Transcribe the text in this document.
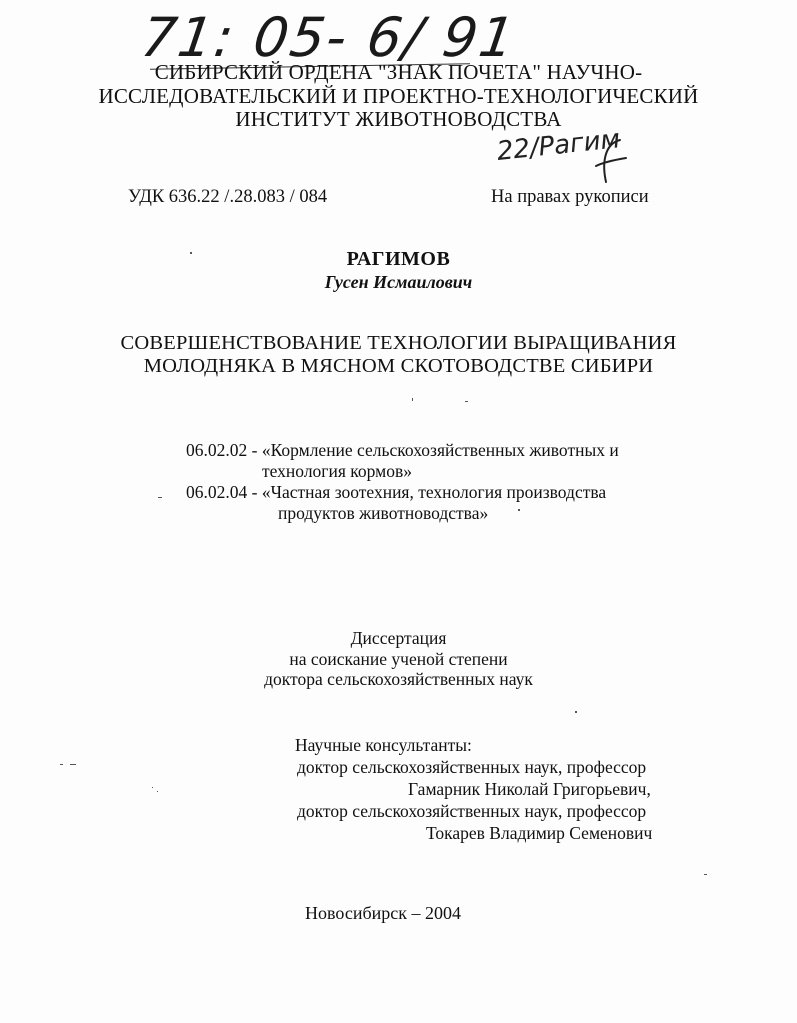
71: 05- 6/ 91
СИБИРСКИЙ ОРДЕНА "ЗНАК ПОЧЕТА" НАУЧНО-
ИССЛЕДОВАТЕЛЬСКИЙ И ПРОЕКТНО-ТЕХНОЛОГИЧЕСКИЙ
ИНСТИТУТ ЖИВОТНОВОДСТВА
22/Рагим
УДК 636.22 /.28.083 / 084	На правах рукописи
РАГИМОВ
Гусен Исмаилович
СОВЕРШЕНСТВОВАНИЕ ТЕХНОЛОГИИ ВЫРАЩИВАНИЯ
МОЛОДНЯКА В МЯСНОМ СКОТОВОДСТВЕ СИБИРИ
06.02.02 - «Кормление сельскохозяйственных животных и
технология кормов»
06.02.04 - «Частная зоотехния, технология производства
продуктов животноводства»
Диссертация
на соискание ученой степени
доктора сельскохозяйственных наук
Научные консультанты:
доктор сельскохозяйственных наук, профессор
Гамарник Николай Григорьевич,
доктор сельскохозяйственных наук, профессор
Токарев Владимир Семенович
Новосибирск – 2004
